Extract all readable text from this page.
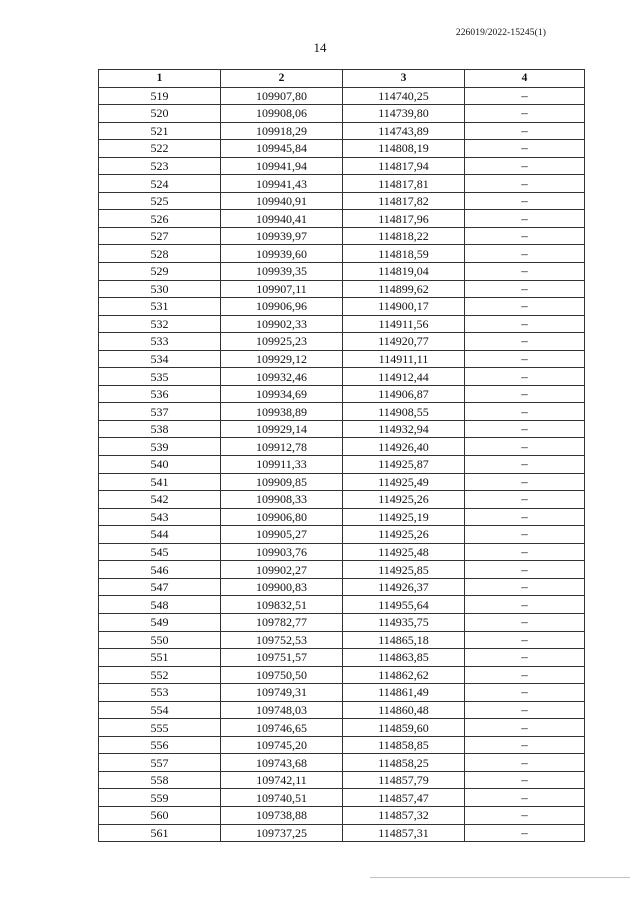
226019/2022-15245(1)
14
1	2	3	4
519	109907,80	114740,25	–
520	109908,06	114739,80	–
521	109918,29	114743,89	–
522	109945,84	114808,19	–
523	109941,94	114817,94	–
524	109941,43	114817,81	–
525	109940,91	114817,82	–
526	109940,41	114817,96	–
527	109939,97	114818,22	–
528	109939,60	114818,59	–
529	109939,35	114819,04	–
530	109907,11	114899,62	–
531	109906,96	114900,17	–
532	109902,33	114911,56	–
533	109925,23	114920,77	–
534	109929,12	114911,11	–
535	109932,46	114912,44	–
536	109934,69	114906,87	–
537	109938,89	114908,55	–
538	109929,14	114932,94	–
539	109912,78	114926,40	–
540	109911,33	114925,87	–
541	109909,85	114925,49	–
542	109908,33	114925,26	–
543	109906,80	114925,19	–
544	109905,27	114925,26	–
545	109903,76	114925,48	–
546	109902,27	114925,85	–
547	109900,83	114926,37	–
548	109832,51	114955,64	–
549	109782,77	114935,75	–
550	109752,53	114865,18	–
551	109751,57	114863,85	–
552	109750,50	114862,62	–
553	109749,31	114861,49	–
554	109748,03	114860,48	–
555	109746,65	114859,60	–
556	109745,20	114858,85	–
557	109743,68	114858,25	–
558	109742,11	114857,79	–
559	109740,51	114857,47	–
560	109738,88	114857,32	–
561	109737,25	114857,31	–
